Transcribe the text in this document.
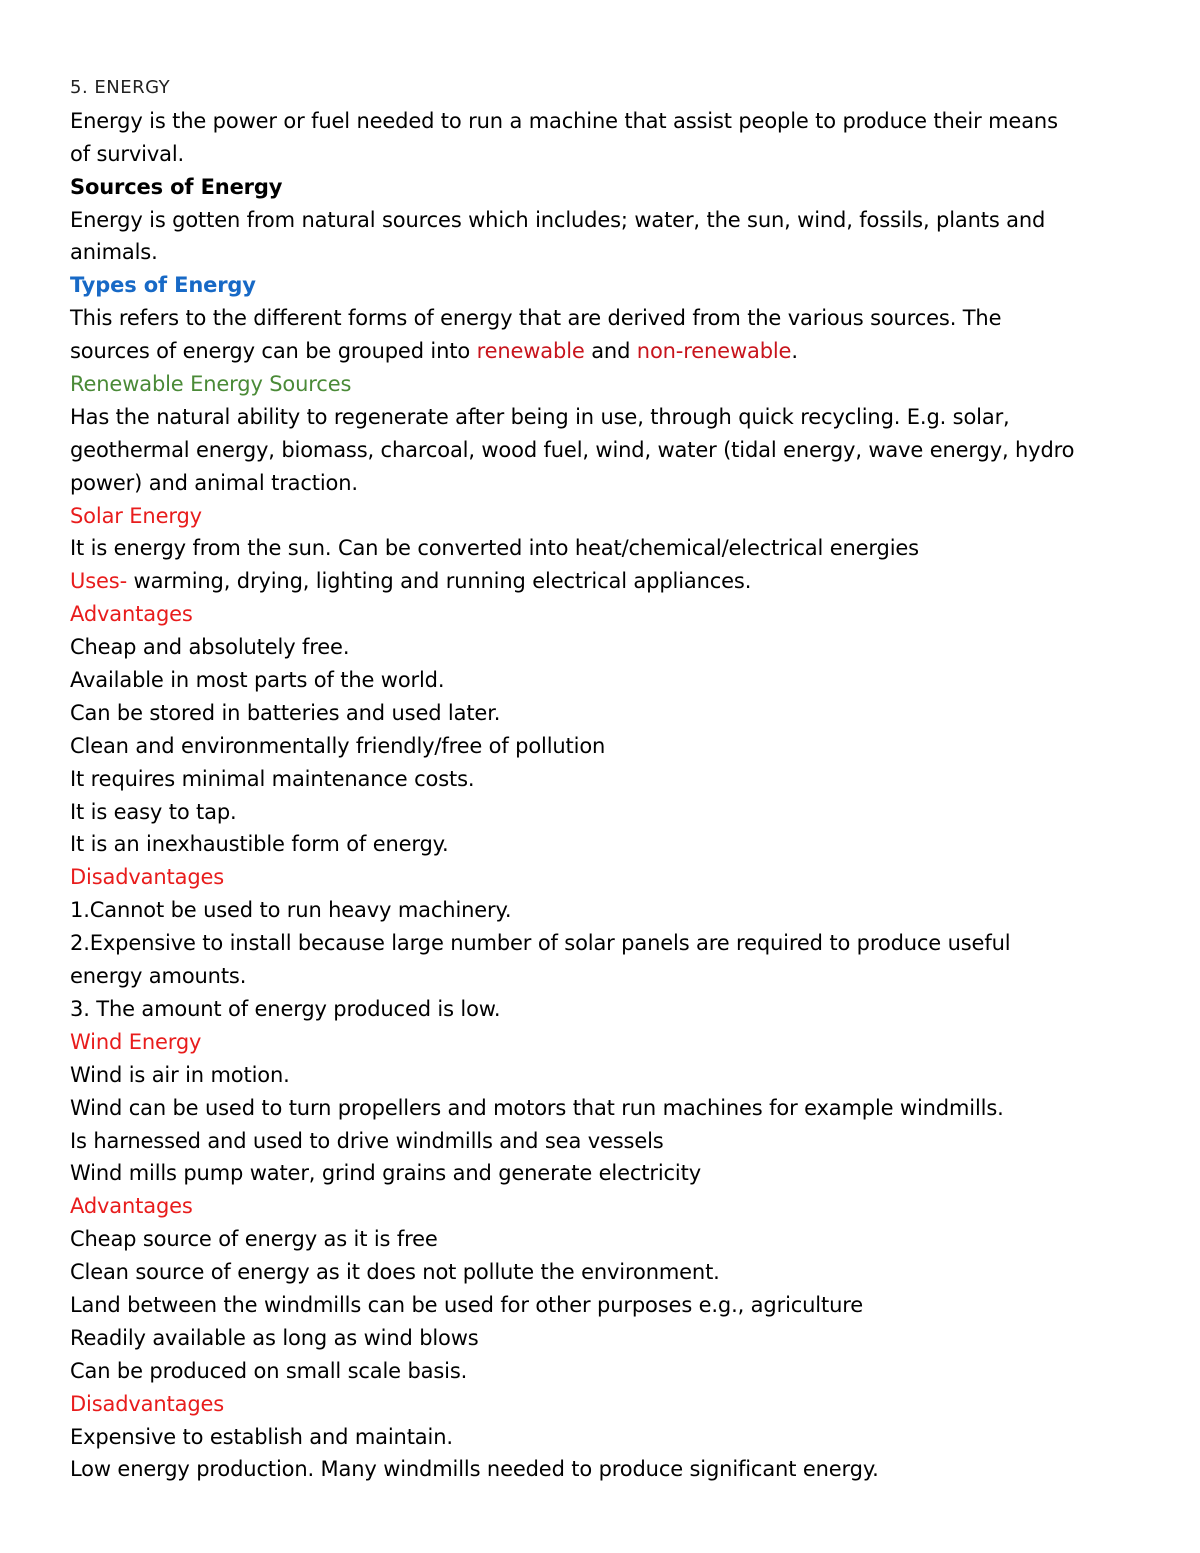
5. ENERGY
Energy is the power or fuel needed to run a machine that assist people to produce their means
of survival.
Sources of Energy
Energy is gotten from natural sources which includes; water, the sun, wind, fossils, plants and
animals.
Types of Energy
This refers to the different forms of energy that are derived from the various sources. The
sources of energy can be grouped into renewable and non-renewable.
Renewable Energy Sources
Has the natural ability to regenerate after being in use, through quick recycling. E.g. solar,
geothermal energy, biomass, charcoal, wood fuel, wind, water (tidal energy, wave energy, hydro
power) and animal traction.
Solar Energy
It is energy from the sun. Can be converted into heat/chemical/electrical energies
Uses- warming, drying, lighting and running electrical appliances.
Advantages
Cheap and absolutely free.
Available in most parts of the world.
Can be stored in batteries and used later.
Clean and environmentally friendly/free of pollution
It requires minimal maintenance costs.
It is easy to tap.
It is an inexhaustible form of energy.
Disadvantages
1.Cannot be used to run heavy machinery.
2.Expensive to install because large number of solar panels are required to produce useful
energy amounts.
3. The amount of energy produced is low.
Wind Energy
Wind is air in motion.
Wind can be used to turn propellers and motors that run machines for example windmills.
Is harnessed and used to drive windmills and sea vessels
Wind mills pump water, grind grains and generate electricity
Advantages
Cheap source of energy as it is free
Clean source of energy as it does not pollute the environment.
Land between the windmills can be used for other purposes e.g., agriculture
Readily available as long as wind blows
Can be produced on small scale basis.
Disadvantages
Expensive to establish and maintain.
Low energy production. Many windmills needed to produce significant energy.
